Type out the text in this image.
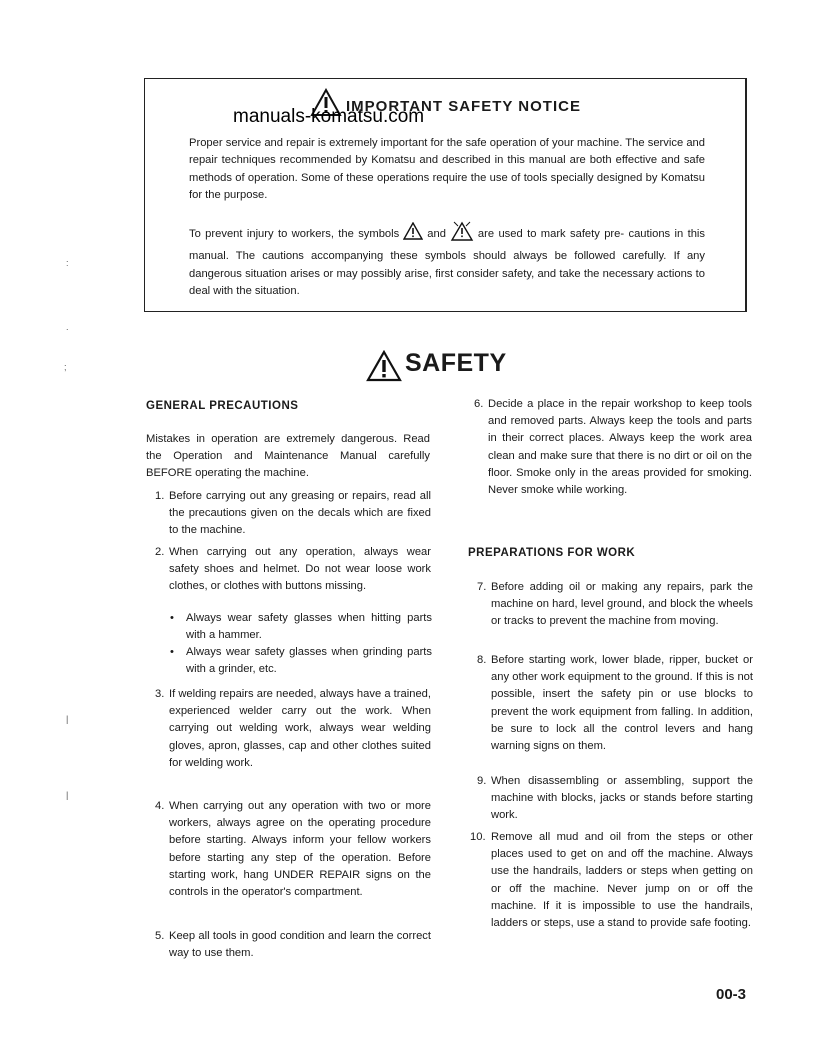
IMPORTANT SAFETY NOTICE
manuals-komatsu.com

Proper service and repair is extremely important for the safe operation of your machine. The service and repair techniques recommended by Komatsu and described in this manual are both effective and safe methods of operation. Some of these operations require the use of tools specially designed by Komatsu for the purpose.

To prevent injury to workers, the symbols	and	are used to mark safety pre- cautions in this manual. The cautions accompanying these symbols should always be followed carefully. If any dangerous situation arises or may possibly arise, first consider safety, and take the necessary actions to deal with the situation.

SAFETY
GENERAL PRECAUTIONS

Mistakes in operation are extremely dangerous. Read the Operation and Maintenance Manual carefully BEFORE operating the machine.

1. Before carrying out any greasing or repairs, read all the precautions given on the decals which are fixed to the machine.

2. When carrying out any operation, always wear safety shoes and helmet. Do not wear loose work clothes, or clothes with buttons missing.

• Always wear safety glasses when hitting parts with a hammer.

• Always wear safety glasses when grinding parts with a grinder, etc.

3. If welding repairs are needed, always have a trained, experienced welder carry out the work. When carrying out welding work, always wear welding gloves, apron, glasses, cap and other clothes suited for welding work.

4. When carrying out any operation with two or more workers, always agree on the operating procedure before starting. Always inform your fellow workers before starting any step of the operation. Before starting work, hang UNDER REPAIR signs on the controls in the operator's compartment.

5. Keep all tools in good condition and learn the correct way to use them.

6. Decide a place in the repair workshop to keep tools and removed parts. Always keep the tools and parts in their correct places. Always keep the work area clean and make sure that there is no dirt or oil on the floor. Smoke only in the areas provided for smoking. Never smoke while working.

PREPARATIONS FOR WORK
7. Before adding oil or making any repairs, park the machine on hard, level ground, and block the wheels or tracks to prevent the machine from moving.

8. Before starting work, lower blade, ripper, bucket or any other work equipment to the ground. If this is not possible, insert the safety pin or use blocks to prevent the work equipment from falling. In addition, be sure to lock all the control levers and hang warning signs on them.

9. When disassembling or assembling, support the machine with blocks, jacks or stands before starting work.

10. Remove all mud and oil from the steps or other places used to get on and off the machine. Always use the handrails, ladders or steps when getting on or off the machine. Never jump on or off the machine. If it is impossible to use the handrails, ladders or steps, use a stand to provide safe footing.

00-3
:
.
;
|
|
